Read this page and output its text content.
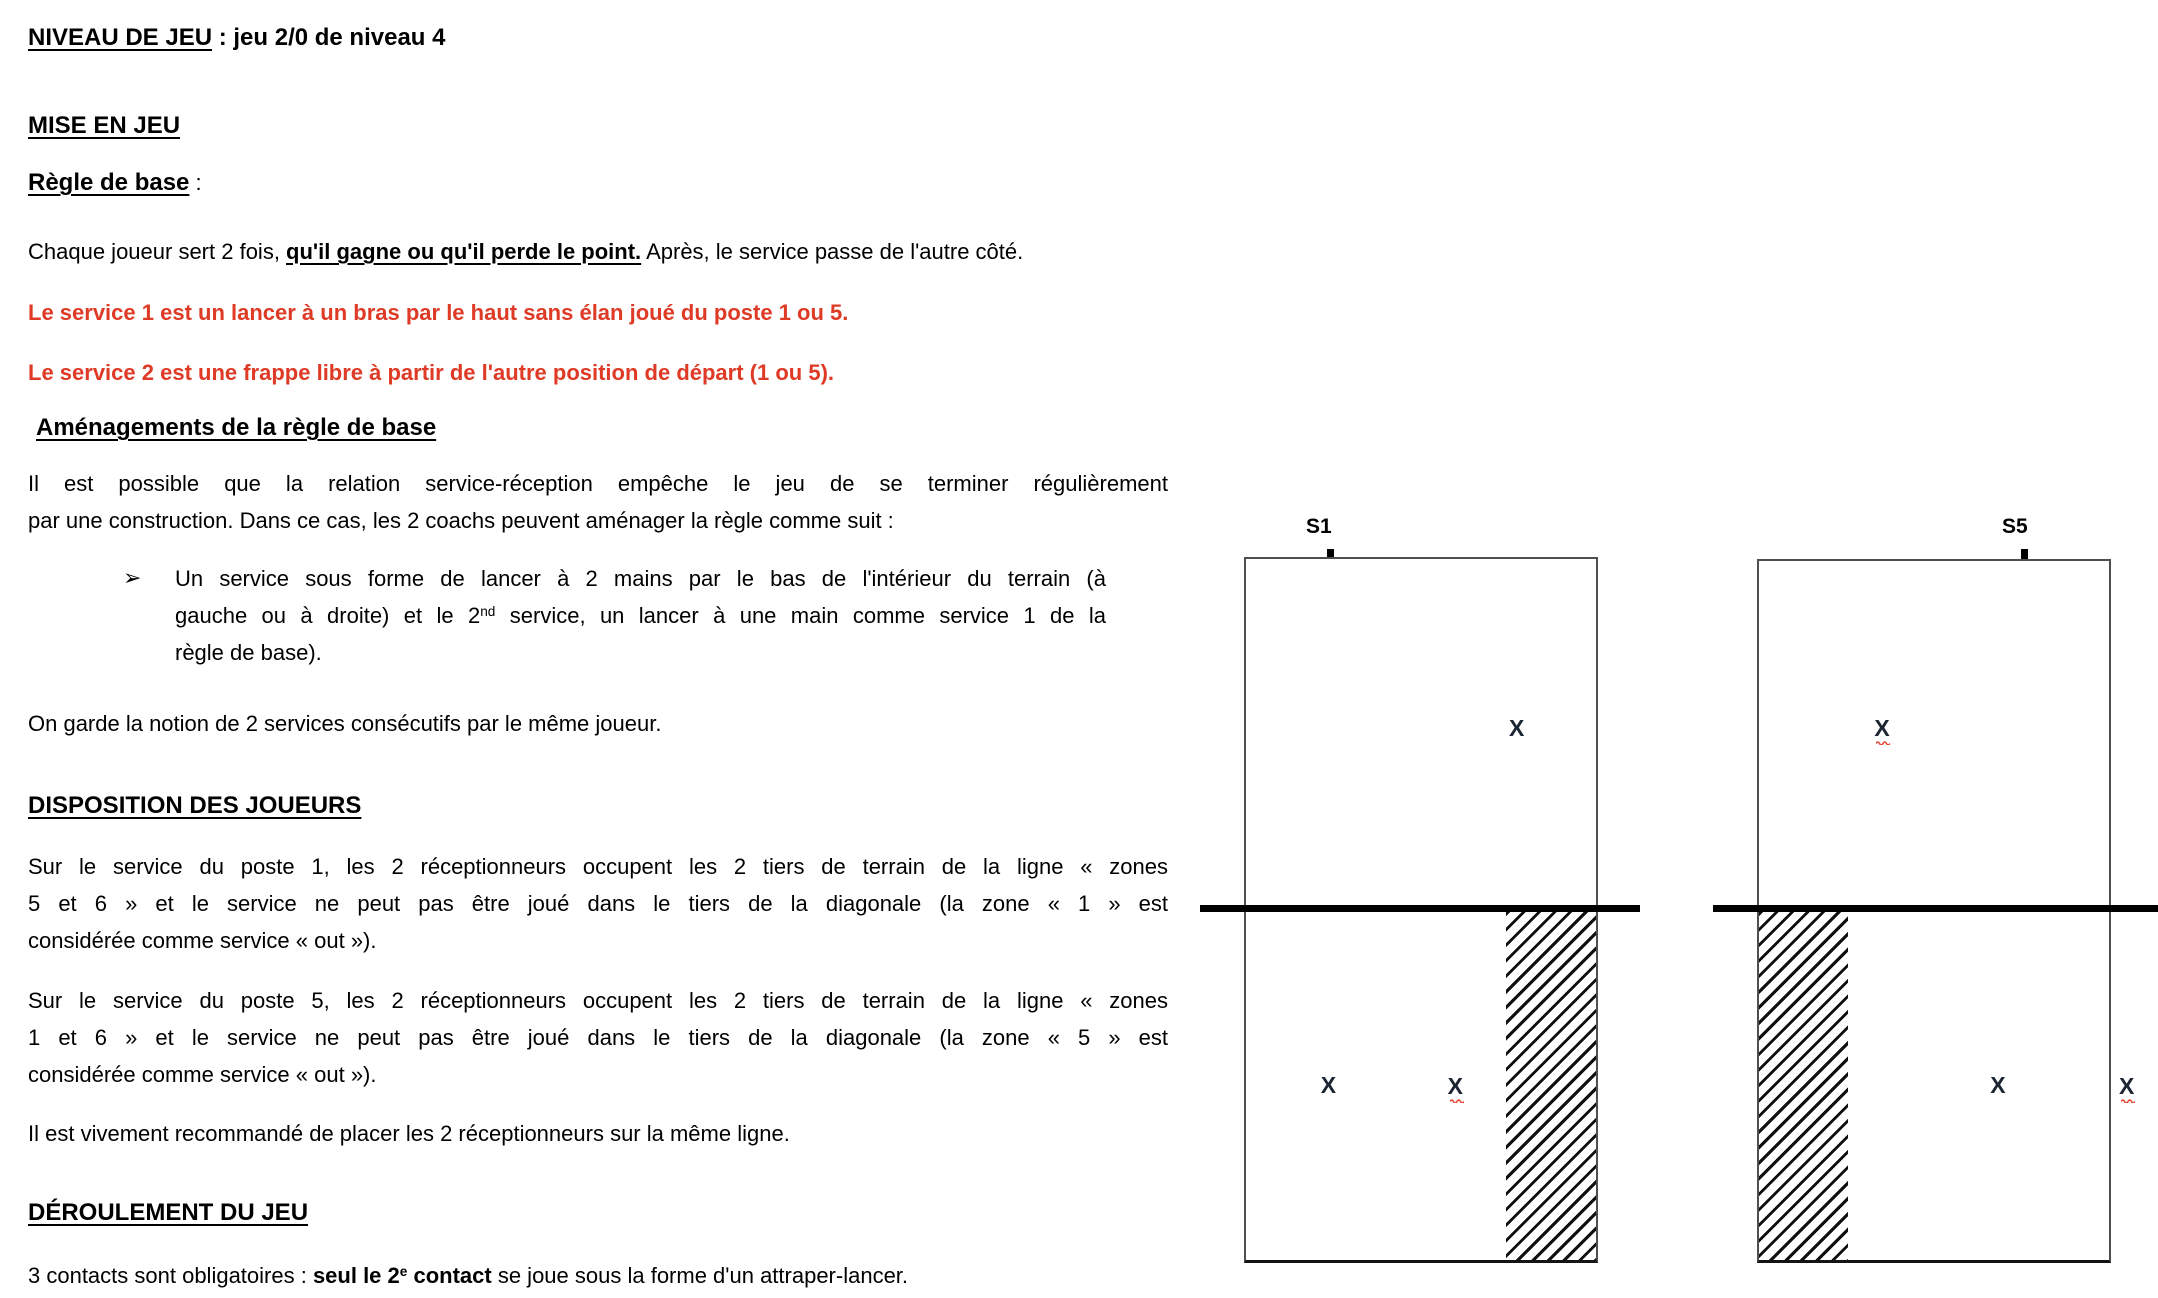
NIVEAU DE JEU : jeu 2/0 de niveau 4

MISE EN JEU

Règle de base :

Chaque joueur sert 2 fois, qu'il gagne ou qu'il perde le point. Après, le service passe de l'autre côté.

Le service 1 est un lancer à un bras par le haut sans élan joué du poste 1 ou 5.

Le service 2 est une frappe libre à partir de l'autre position de départ (1 ou 5).

Aménagements de la règle de base

Il est possible que la relation service-réception empêche le jeu de se terminer régulièrement
par une construction. Dans ce cas, les 2 coachs peuvent aménager la règle comme suit :
➢	Un service sous forme de lancer à 2 mains par le bas de l'intérieur du terrain (à
gauche ou à droite) et le 2nd service, un lancer à une main comme service 1 de la
règle de base).

On garde la notion de 2 services consécutifs par le même joueur.

DISPOSITION DES JOUEURS

Sur le service du poste 1, les 2 réceptionneurs occupent les 2 tiers de terrain de la ligne « zones
5 et 6 » et le service ne peut pas être joué dans le tiers de la diagonale (la zone « 1 » est
considérée comme service « out »).
Sur le service du poste 5, les 2 réceptionneurs occupent les 2 tiers de terrain de la ligne « zones
1 et 6 » et le service ne peut pas être joué dans le tiers de la diagonale (la zone « 5 » est
considérée comme service « out »).

Il est vivement recommandé de placer les 2 réceptionneurs sur la même ligne.

DÉROULEMENT DU JEU

3 contacts sont obligatoires : seul le 2e contact se joue sous la forme d'un attraper-lancer.

S1
X X	X

S5
X
X	X
